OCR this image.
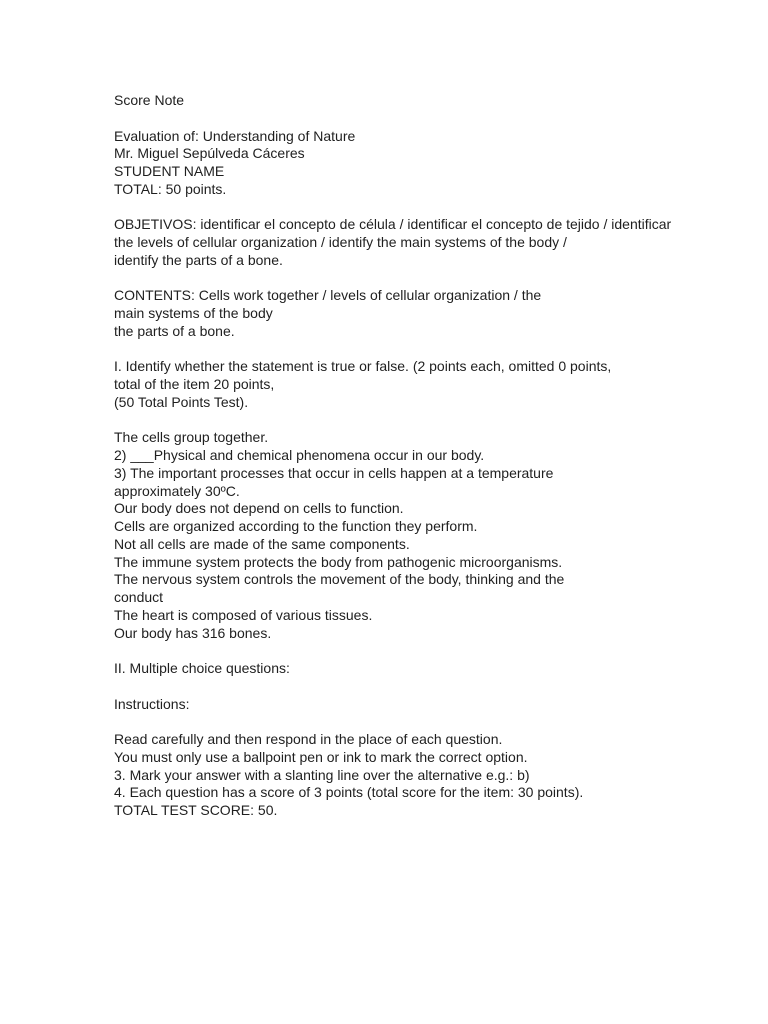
Score Note
Evaluation of: Understanding of Nature
Mr. Miguel Sepúlveda Cáceres
STUDENT NAME
TOTAL: 50 points.
OBJETIVOS: identificar el concepto de célula / identificar el concepto de tejido / identificar
the levels of cellular organization / identify the main systems of the body /
identify the parts of a bone.
CONTENTS: Cells work together / levels of cellular organization / the
main systems of the body
the parts of a bone.
I. Identify whether the statement is true or false. (2 points each, omitted 0 points,
total of the item 20 points,
(50 Total Points Test).
The cells group together.
2) ___Physical and chemical phenomena occur in our body.
3) The important processes that occur in cells happen at a temperature
approximately 30ºC.
Our body does not depend on cells to function.
Cells are organized according to the function they perform.
Not all cells are made of the same components.
The immune system protects the body from pathogenic microorganisms.
The nervous system controls the movement of the body, thinking and the
conduct
The heart is composed of various tissues.
Our body has 316 bones.
II. Multiple choice questions:
Instructions:
Read carefully and then respond in the place of each question.
You must only use a ballpoint pen or ink to mark the correct option.
3. Mark your answer with a slanting line over the alternative e.g.: b)
4. Each question has a score of 3 points (total score for the item: 30 points).
TOTAL TEST SCORE: 50.
